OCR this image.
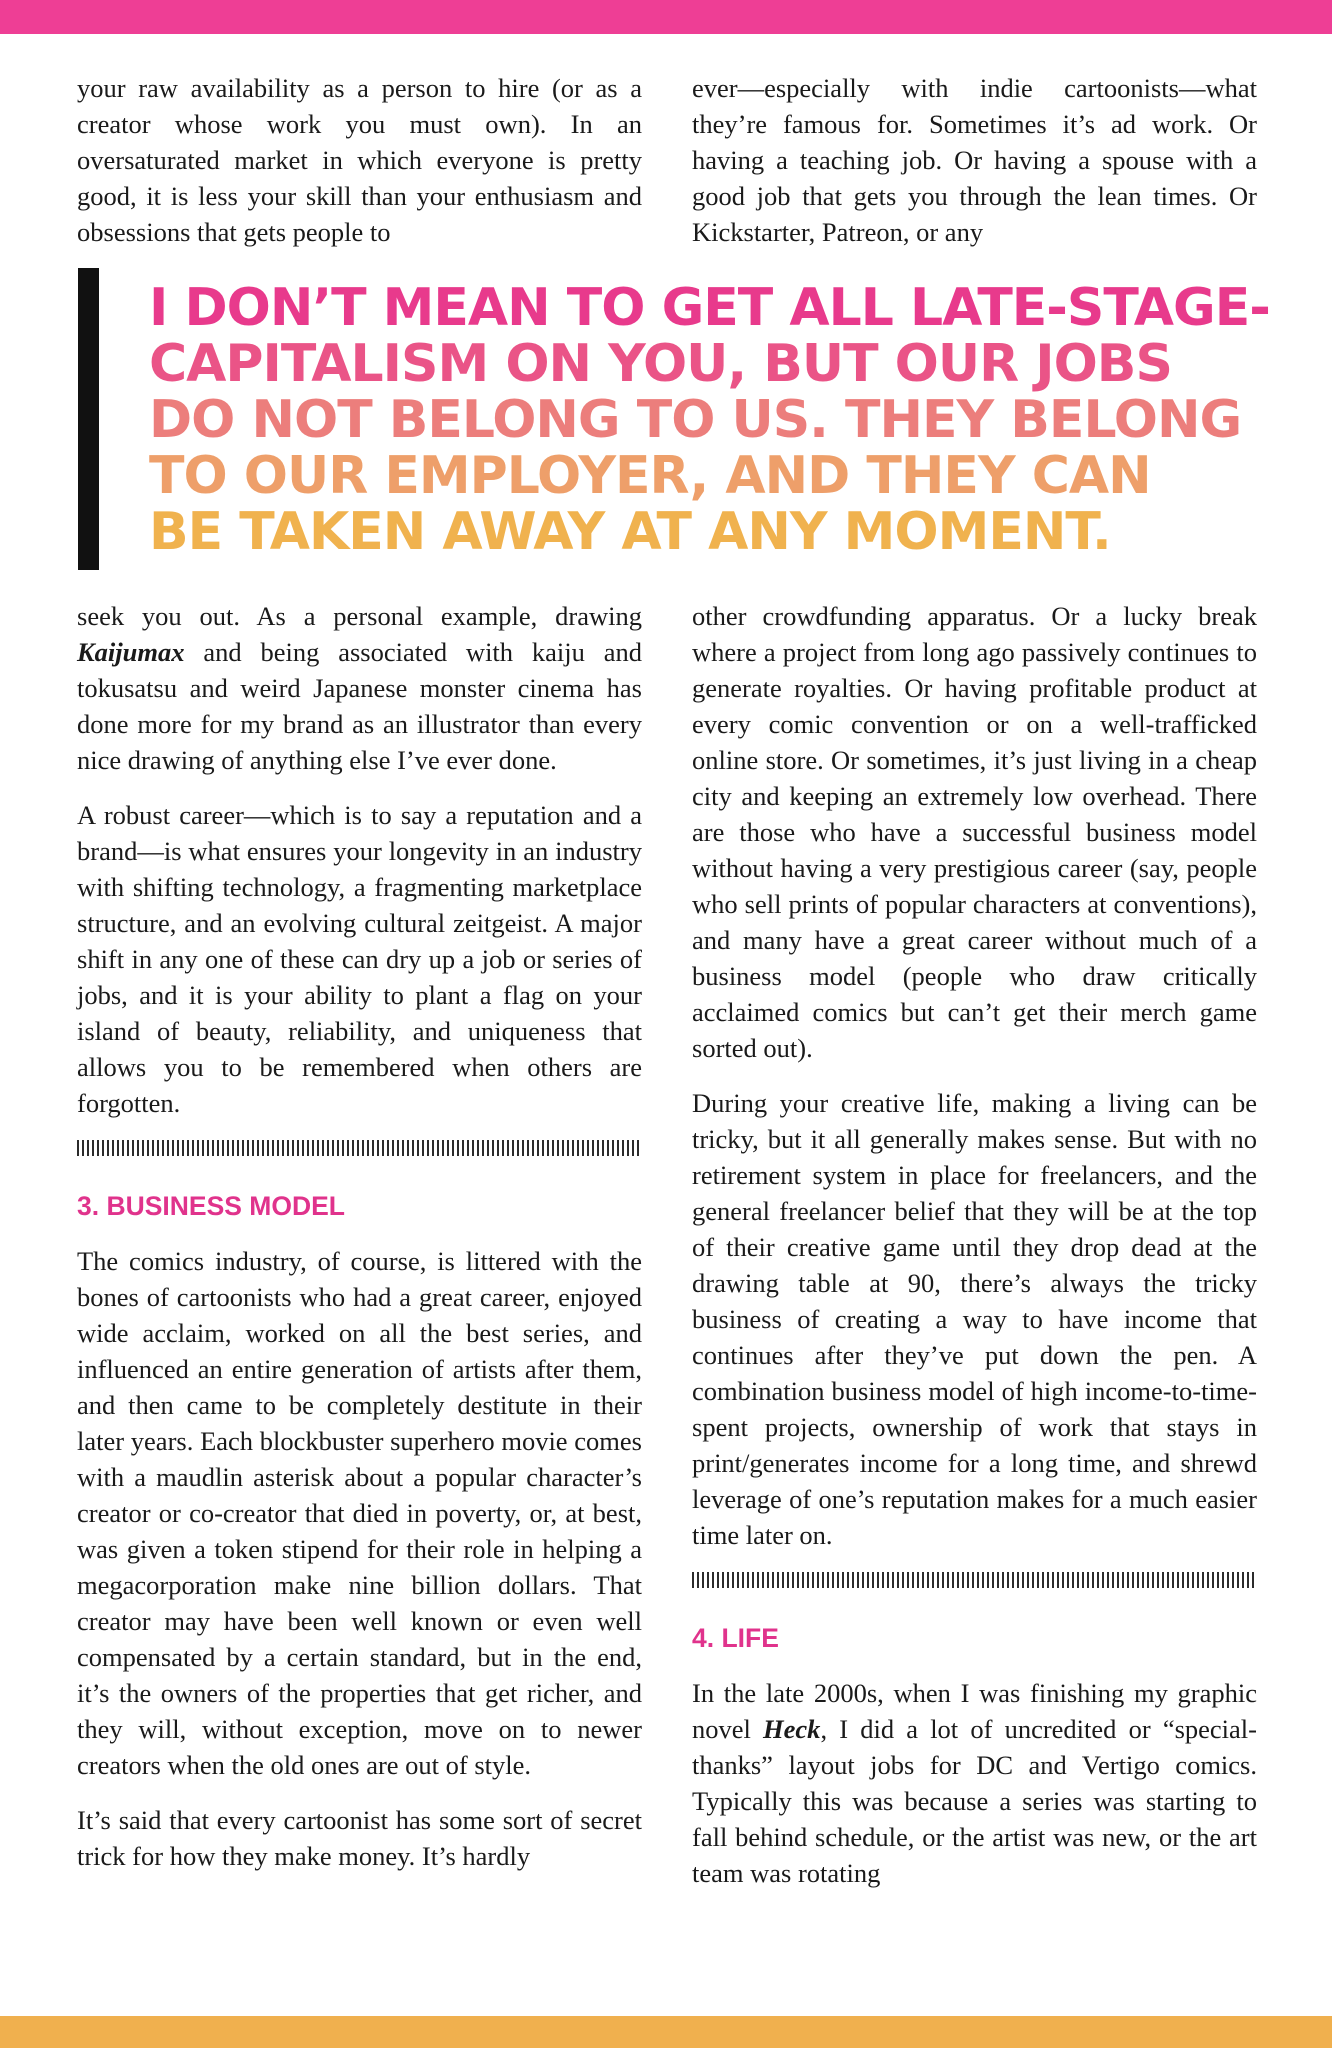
your raw availability as a person to hire (or as a creator whose work you must own). In an oversaturated market in which everyone is pretty good, it is less your skill than your enthusiasm and obsessions that gets people to

ever—especially with indie cartoonists—what they’re famous for. Sometimes it’s ad work. Or having a teaching job. Or having a spouse with a good job that gets you through the lean times. Or Kickstarter, Patreon, or any

I DON’T MEAN TO GET ALL LATE-STAGE-
CAPITALISM ON YOU, BUT OUR JOBS
DO NOT BELONG TO US. THEY BELONG
TO OUR EMPLOYER, AND THEY CAN
BE TAKEN AWAY AT ANY MOMENT.

seek you out. As a personal example, drawing Kaijumax and being associated with kaiju and tokusatsu and weird Japanese monster cinema has done more for my brand as an illustrator than every nice drawing of anything else I’ve ever done.

A robust career—which is to say a reputation and a brand—is what ensures your longevity in an industry with shifting technology, a fragmenting marketplace structure, and an evolving cultural zeitgeist. A major shift in any one of these can dry up a job or series of jobs, and it is your ability to plant a flag on your island of beauty, reliability, and uniqueness that allows you to be remembered when others are forgotten.

3. BUSINESS MODEL

The comics industry, of course, is littered with the bones of cartoonists who had a great career, enjoyed wide acclaim, worked on all the best series, and influenced an entire generation of artists after them, and then came to be completely destitute in their later years. Each blockbuster superhero movie comes with a maudlin asterisk about a popular character’s creator or co-creator that died in poverty, or, at best, was given a token stipend for their role in helping a megacorporation make nine billion dollars. That creator may have been well known or even well compensated by a certain standard, but in the end, it’s the owners of the properties that get richer, and they will, without exception, move on to newer creators when the old ones are out of style.

It’s said that every cartoonist has some sort of secret trick for how they make money. It’s hardly

other crowdfunding apparatus. Or a lucky break where a project from long ago passively continues to generate royalties. Or having profitable product at every comic convention or on a well-trafficked online store. Or sometimes, it’s just living in a cheap city and keeping an extremely low overhead. There are those who have a successful business model without having a very prestigious career (say, people who sell prints of popular characters at conventions), and many have a great career without much of a business model (people who draw critically acclaimed comics but can’t get their merch game sorted out).

During your creative life, making a living can be tricky, but it all generally makes sense. But with no retirement system in place for freelancers, and the general freelancer belief that they will be at the top of their creative game until they drop dead at the drawing table at 90, there’s always the tricky business of creating a way to have income that continues after they’ve put down the pen. A combination business model of high income-to-time-spent projects, ownership of work that stays in print/generates income for a long time, and shrewd leverage of one’s reputation makes for a much easier time later on.

4. LIFE

In the late 2000s, when I was finishing my graphic novel Heck, I did a lot of uncredited or “special-thanks” layout jobs for DC and Vertigo comics. Typically this was because a series was starting to fall behind schedule, or the artist was new, or the art team was rotating
